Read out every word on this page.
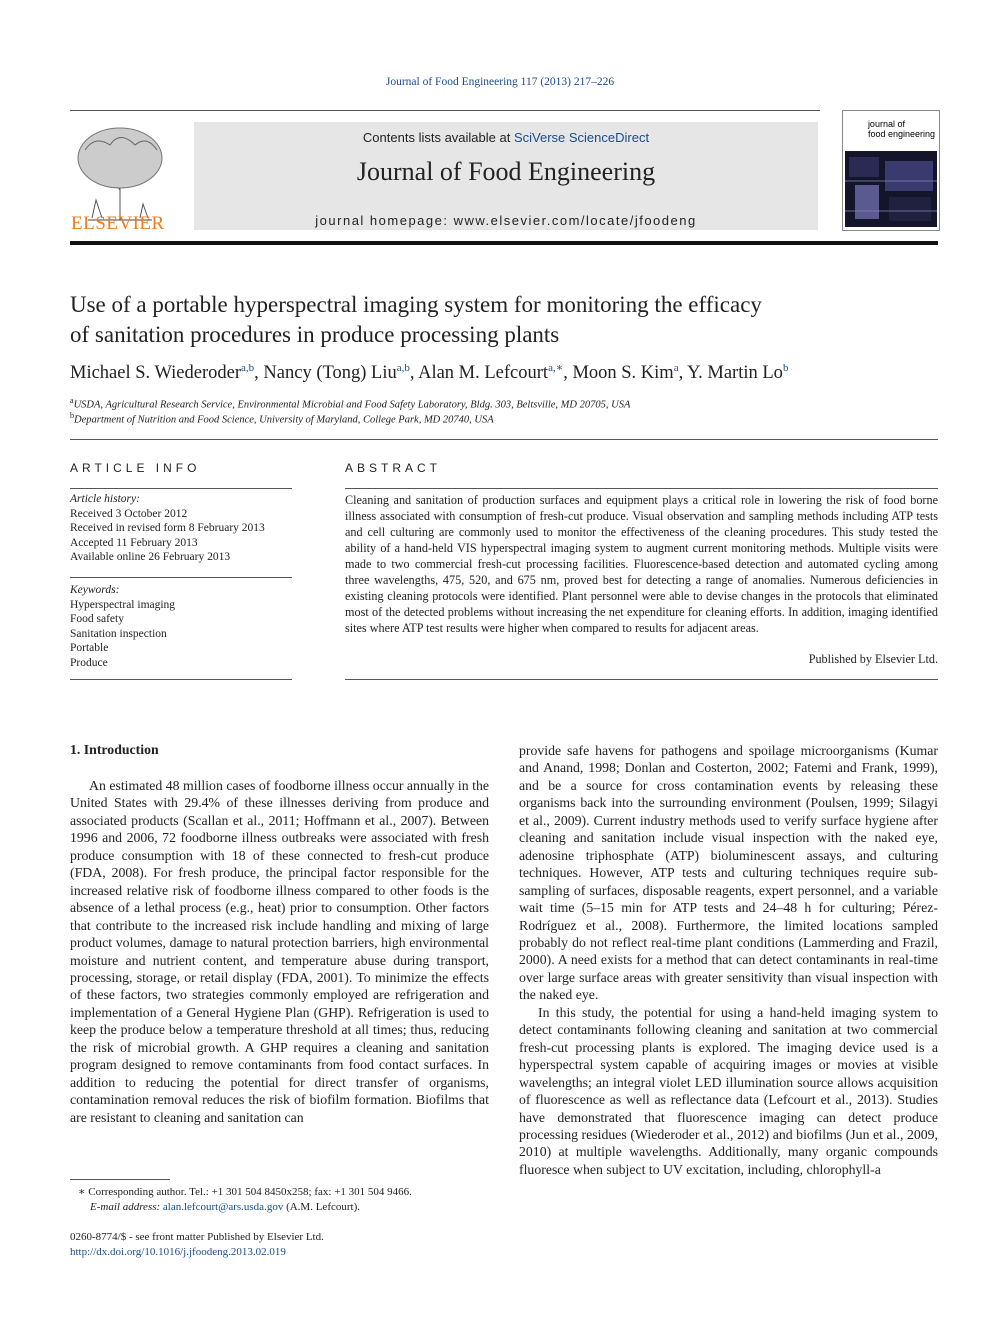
Journal of Food Engineering 117 (2013) 217–226
Contents lists available at SciVerse ScienceDirect
Journal of Food Engineering
journal homepage: www.elsevier.com/locate/jfoodeng
journal of
food engineering
ELSEVIER
Use of a portable hyperspectral imaging system for monitoring the efficacy
of sanitation procedures in produce processing plants
Michael S. Wiederoder$^{a,b}$, Nancy (Tong) Liu$^{a,b}$, Alan M. Lefcourt$^{a,∗}$, Moon S. Kim$^a$, Y. Martin Lo$^b$
$^a$USDA, Agricultural Research Service, Environmental Microbial and Food Safety Laboratory, Bldg. 303, Beltsville, MD 20705, USA
$^b$Department of Nutrition and Food Science, University of Maryland, College Park, MD 20740, USA
ARTICLE INFO	ABSTRACT
Article history:
Received 3 October 2012
Received in revised form 8 February 2013
Accepted 11 February 2013
Available online 26 February 2013
Keywords:
Hyperspectral imaging
Food safety
Sanitation inspection
Portable
Produce
Cleaning and sanitation of production surfaces and equipment plays a critical role in lowering the risk of food borne illness associated with consumption of fresh-cut produce. Visual observation and sampling methods including ATP tests and cell culturing are commonly used to monitor the effectiveness of the cleaning procedures. This study tested the ability of a hand-held VIS hyperspectral imaging system to augment current monitoring methods. Multiple visits were made to two commercial fresh-cut processing facilities. Fluorescence-based detection and automated cycling among three wavelengths, 475, 520, and 675 nm, proved best for detecting a range of anomalies. Numerous deficiencies in existing cleaning protocols were identified. Plant personnel were able to devise changes in the protocols that eliminated most of the detected problems without increasing the net expenditure for cleaning efforts. In addition, imaging identified sites where ATP test results were higher when compared to results for adjacent areas.
Published by Elsevier Ltd.
1. Introduction

An estimated 48 million cases of foodborne illness occur annually in the United States with 29.4% of these illnesses deriving from produce and associated products (Scallan et al., 2011; Hoffmann et al., 2007). Between 1996 and 2006, 72 foodborne illness outbreaks were associated with fresh produce consumption with 18 of these connected to fresh-cut produce (FDA, 2008). For fresh produce, the principal factor responsible for the increased relative risk of foodborne illness compared to other foods is the absence of a lethal process (e.g., heat) prior to consumption. Other factors that contribute to the increased risk include handling and mixing of large product volumes, damage to natural protection barriers, high environmental moisture and nutrient content, and temperature abuse during transport, processing, storage, or retail display (FDA, 2001). To minimize the effects of these factors, two strategies commonly employed are refrigeration and implementation of a General Hygiene Plan (GHP). Refrigeration is used to keep the produce below a temperature threshold at all times; thus, reducing the risk of microbial growth. A GHP requires a cleaning and sanitation program designed to remove contaminants from food contact surfaces. In addition to reducing the potential for direct transfer of organisms, contamination removal reduces the risk of biofilm formation. Biofilms that are resistant to cleaning and sanitation can

provide safe havens for pathogens and spoilage microorganisms (Kumar and Anand, 1998; Donlan and Costerton, 2002; Fatemi and Frank, 1999), and be a source for cross contamination events by releasing these organisms back into the surrounding environment (Poulsen, 1999; Silagyi et al., 2009). Current industry methods used to verify surface hygiene after cleaning and sanitation include visual inspection with the naked eye, adenosine triphosphate (ATP) bioluminescent assays, and culturing techniques. However, ATP tests and culturing techniques require sub-sampling of surfaces, disposable reagents, expert personnel, and a variable wait time (5–15 min for ATP tests and 24–48 h for culturing; Pérez-Rodríguez et al., 2008). Furthermore, the limited locations sampled probably do not reflect real-time plant conditions (Lammerding and Frazil, 2000). A need exists for a method that can detect contaminants in real-time over large surface areas with greater sensitivity than visual inspection with the naked eye.

In this study, the potential for using a hand-held imaging system to detect contaminants following cleaning and sanitation at two commercial fresh-cut processing plants is explored. The imaging device used is a hyperspectral system capable of acquiring images or movies at visible wavelengths; an integral violet LED illumination source allows acquisition of fluorescence as well as reflectance data (Lefcourt et al., 2013). Studies have demonstrated that fluorescence imaging can detect produce processing residues (Wiederoder et al., 2012) and biofilms (Jun et al., 2009, 2010) at multiple wavelengths. Additionally, many organic compounds fluoresce when subject to UV excitation, including, chlorophyll-a

∗ Corresponding author. Tel.: +1 301 504 8450x258; fax: +1 301 504 9466.
E-mail address: alan.lefcourt@ars.usda.gov (A.M. Lefcourt).
0260-8774/$ - see front matter Published by Elsevier Ltd.
http://dx.doi.org/10.1016/j.jfoodeng.2013.02.019
